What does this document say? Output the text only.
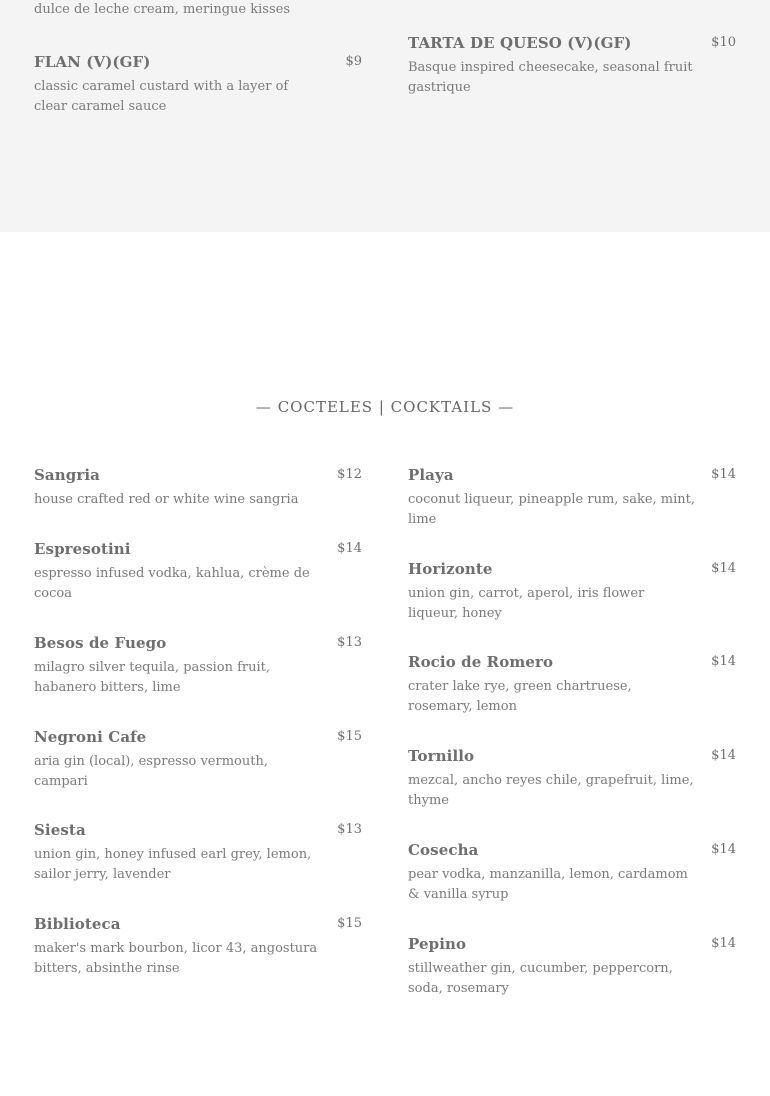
dulce de leche cream, meringue kisses
FLAN (V)(GF)	$9
classic caramel custard with a layer of clear caramel sauce
TARTA DE QUESO (V)(GF)	$10
Basque inspired cheesecake, seasonal fruit gastrique
— COCTELES | COCKTAILS —
Sangria	$12
house crafted red or white wine sangria
Espresotini	$14
espresso infused vodka, kahlua, crème de cocoa
Besos de Fuego	$13
milagro silver tequila, passion fruit, habanero bitters, lime
Negroni Cafe	$15
aria gin (local), espresso vermouth, campari
Siesta	$13
union gin, honey infused earl grey, lemon, sailor jerry, lavender
Biblioteca	$15
maker's mark bourbon, licor 43, angostura bitters, absinthe rinse
Playa	$14
coconut liqueur, pineapple rum, sake, mint, lime
Horizonte	$14
union gin, carrot, aperol, iris flower liqueur, honey
Rocio de Romero	$14
crater lake rye, green chartruese, rosemary, lemon
Tornillo	$14
mezcal, ancho reyes chile, grapefruit, lime, thyme
Cosecha	$14
pear vodka, manzanilla, lemon, cardamom & vanilla syrup
Pepino	$14
stillweather gin, cucumber, peppercorn, soda, rosemary
